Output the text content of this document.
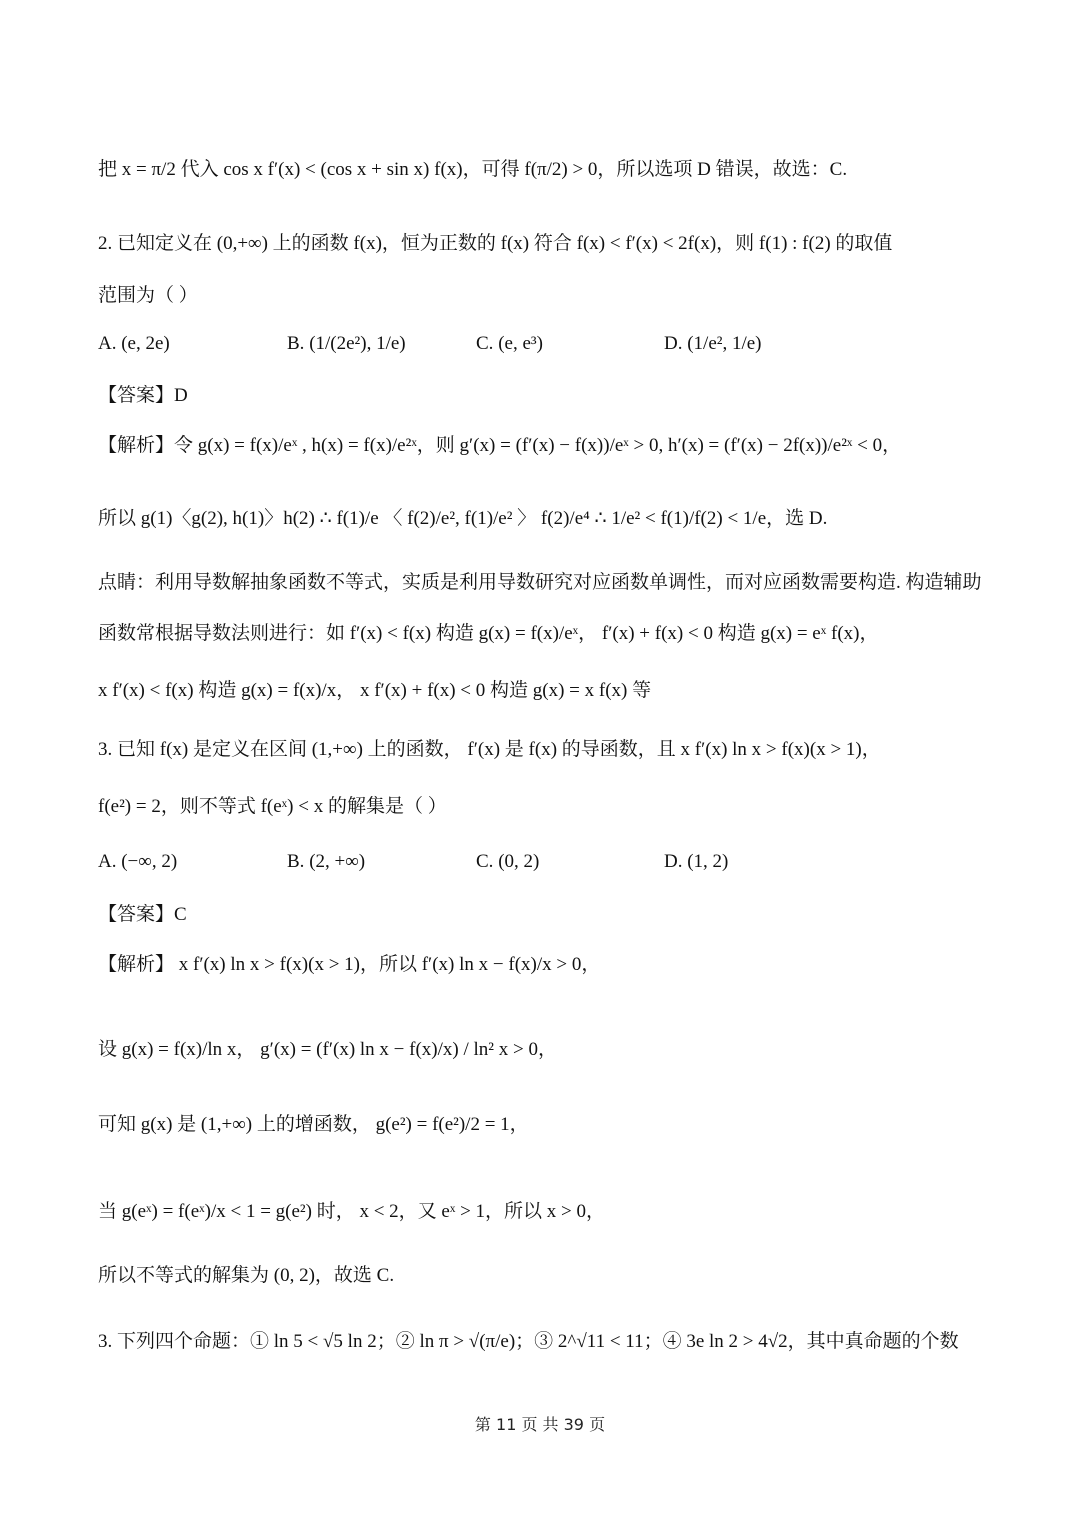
把 x = π/2 代入 cos x f′(x) < (cos x + sin x) f(x)，可得 f(π/2) > 0，所以选项 D 错误，故选：C.
2. 已知定义在 (0,+∞) 上的函数 f(x)，恒为正数的 f(x) 符合 f(x) < f′(x) < 2f(x)，则 f(1) : f(2) 的取值
范围为（ ）
A. (e, 2e)	B. (1/(2e²), 1/e)	C. (e, e³)	D. (1/e², 1/e)
【答案】D
【解析】令 g(x) = f(x)/eˣ , h(x) = f(x)/e²ˣ，则 g′(x) = (f′(x) − f(x))/eˣ > 0, h′(x) = (f′(x) − 2f(x))/e²ˣ < 0，
所以 g(1)〈g(2), h(1)〉h(2) ∴ f(1)/e 〈 f(2)/e², f(1)/e² 〉 f(2)/e⁴ ∴ 1/e² < f(1)/f(2) < 1/e，选 D.
点睛：利用导数解抽象函数不等式，实质是利用导数研究对应函数单调性，而对应函数需要构造. 构造辅助
函数常根据导数法则进行：如 f′(x) < f(x) 构造 g(x) = f(x)/eˣ， f′(x) + f(x) < 0 构造 g(x) = eˣ f(x)，
x f′(x) < f(x) 构造 g(x) = f(x)/x， x f′(x) + f(x) < 0 构造 g(x) = x f(x) 等
3. 已知 f(x) 是定义在区间 (1,+∞) 上的函数， f′(x) 是 f(x) 的导函数，且 x f′(x) ln x > f(x)(x > 1)，
f(e²) = 2，则不等式 f(eˣ) < x 的解集是（ ）
A. (−∞, 2)	B. (2, +∞)	C. (0, 2)	D. (1, 2)
【答案】C
【解析】 x f′(x) ln x > f(x)(x > 1)，所以 f′(x) ln x − f(x)/x > 0，
设 g(x) = f(x)/ln x， g′(x) = (f′(x) ln x − f(x)/x) / ln² x > 0，
可知 g(x) 是 (1,+∞) 上的增函数， g(e²) = f(e²)/2 = 1，
当 g(eˣ) = f(eˣ)/x < 1 = g(e²) 时， x < 2，又 eˣ > 1，所以 x > 0，
所以不等式的解集为 (0, 2)，故选 C.
3. 下列四个命题：① ln 5 < √5 ln 2；② ln π > √(π/e)；③ 2^√11 < 11；④ 3e ln 2 > 4√2，其中真命题的个数
第 11 页 共 39 页
